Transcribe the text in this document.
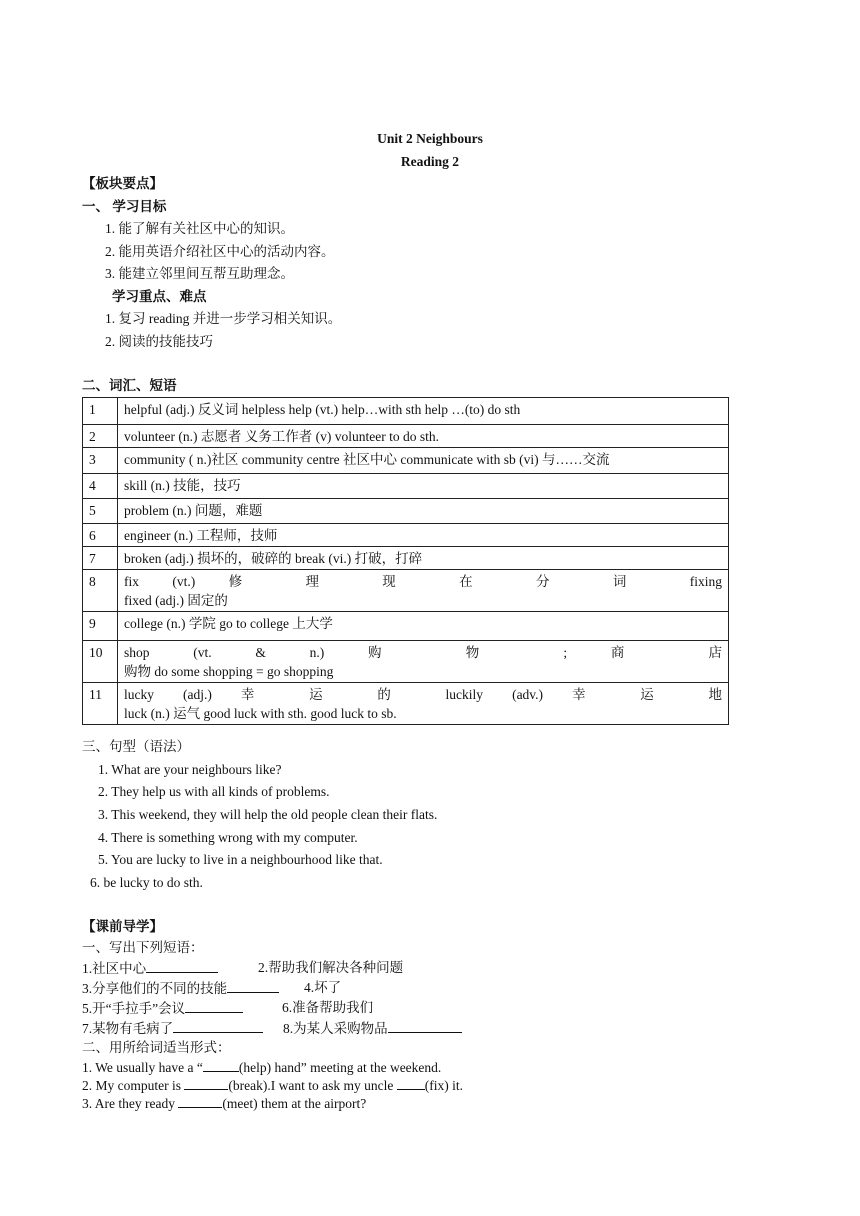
Unit 2 Neighbours
Reading 2
【板块要点】
一、 学习目标
1. 能了解有关社区中心的知识。
2. 能用英语介绍社区中心的活动内容。
3. 能建立邻里间互帮互助理念。
学习重点、难点
1. 复习 reading 并进一步学习相关知识。
2. 阅读的技能技巧
二、词汇、短语
1	helpful (adj.) 反义词 helpless help (vt.) help…with sth help …(to) do sth
2	volunteer (n.) 志愿者 义务工作者 (v) volunteer to do sth.
3	community ( n.)社区 community centre 社区中心 communicate with sb (vi) 与……交流
4	skill (n.) 技能，技巧
5	problem (n.) 问题，难题
6	engineer (n.) 工程师，技师
7	broken (adj.) 损坏的，破碎的 break (vi.) 打破，打碎
8	fix (vt.) 修 理 现 在 分 词 fixing
fixed (adj.) 固定的
9	college (n.) 学院 go to college 上大学
10	shop (vt. & n.) 购 物 ; 商 店
购物 do some shopping = go shopping
11	lucky (adj.) 幸 运 的 luckily (adv.) 幸 运 地
luck (n.) 运气 good luck with sth. good luck to sb.
三、句型（语法）
1. What are your neighbours like?
2. They help us with all kinds of problems.
3. This weekend, they will help the old people clean their flats.
4. There is something wrong with my computer.
5. You are lucky to live in a neighbourhood like that.
6. be lucky to do sth.
【课前导学】
一、写出下列短语：
1.社区中心	2.帮助我们解决各种问题
3.分享他们的不同的技能	4.坏了
5.开“手拉手”会议	6.准备帮助我们
7.某物有毛病了	8.为某人采购物品
二、用所给词适当形式：
1. We usually have a “	(help) hand” meeting at the weekend.
2. My computer is	(break).I want to ask my uncle (fix) it.
3. Are they ready	(meet) them at the airport?
